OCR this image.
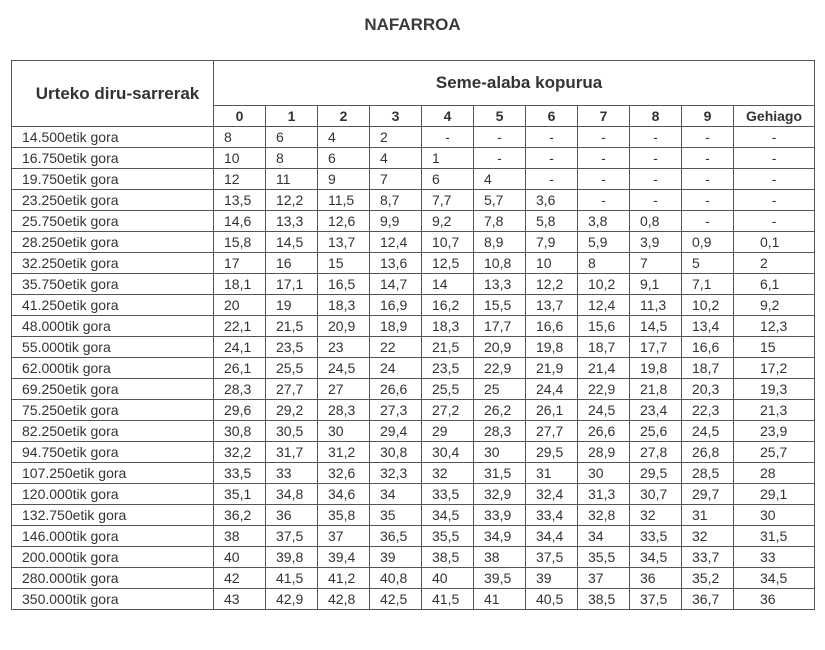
NAFARROA
Urteko diru-sarrerak	Seme-alaba kopurua										
	0	1	2	3	4	5	6	7	8	9	Gehiago
14.500etik gora	8	6	4	2	-	-	-	-	-	-	-
16.750etik gora	10	8	6	4	1	-	-	-	-	-	-
19.750etik gora	12	11	9	7	6	4	-	-	-	-	-
23.250etik gora	13,5	12,2	11,5	8,7	7,7	5,7	3,6	-	-	-	-
25.750etik gora	14,6	13,3	12,6	9,9	9,2	7,8	5,8	3,8	0,8	-	-
28.250etik gora	15,8	14,5	13,7	12,4	10,7	8,9	7,9	5,9	3,9	0,9	0,1
32.250etik gora	17	16	15	13,6	12,5	10,8	10	8	7	5	2
35.750etik gora	18,1	17,1	16,5	14,7	14	13,3	12,2	10,2	9,1	7,1	6,1
41.250etik gora	20	19	18,3	16,9	16,2	15,5	13,7	12,4	11,3	10,2	9,2
48.000tik gora	22,1	21,5	20,9	18,9	18,3	17,7	16,6	15,6	14,5	13,4	12,3
55.000tik gora	24,1	23,5	23	22	21,5	20,9	19,8	18,7	17,7	16,6	15
62.000tik gora	26,1	25,5	24,5	24	23,5	22,9	21,9	21,4	19,8	18,7	17,2
69.250etik gora	28,3	27,7	27	26,6	25,5	25	24,4	22,9	21,8	20,3	19,3
75.250etik gora	29,6	29,2	28,3	27,3	27,2	26,2	26,1	24,5	23,4	22,3	21,3
82.250etik gora	30,8	30,5	30	29,4	29	28,3	27,7	26,6	25,6	24,5	23,9
94.750etik gora	32,2	31,7	31,2	30,8	30,4	30	29,5	28,9	27,8	26,8	25,7
107.250etik gora	33,5	33	32,6	32,3	32	31,5	31	30	29,5	28,5	28
120.000tik gora	35,1	34,8	34,6	34	33,5	32,9	32,4	31,3	30,7	29,7	29,1
132.750etik gora	36,2	36	35,8	35	34,5	33,9	33,4	32,8	32	31	30
146.000tik gora	38	37,5	37	36,5	35,5	34,9	34,4	34	33,5	32	31,5
200.000tik gora	40	39,8	39,4	39	38,5	38	37,5	35,5	34,5	33,7	33
280.000tik gora	42	41,5	41,2	40,8	40	39,5	39	37	36	35,2	34,5
350.000tik gora	43	42,9	42,8	42,5	41,5	41	40,5	38,5	37,5	36,7	36
